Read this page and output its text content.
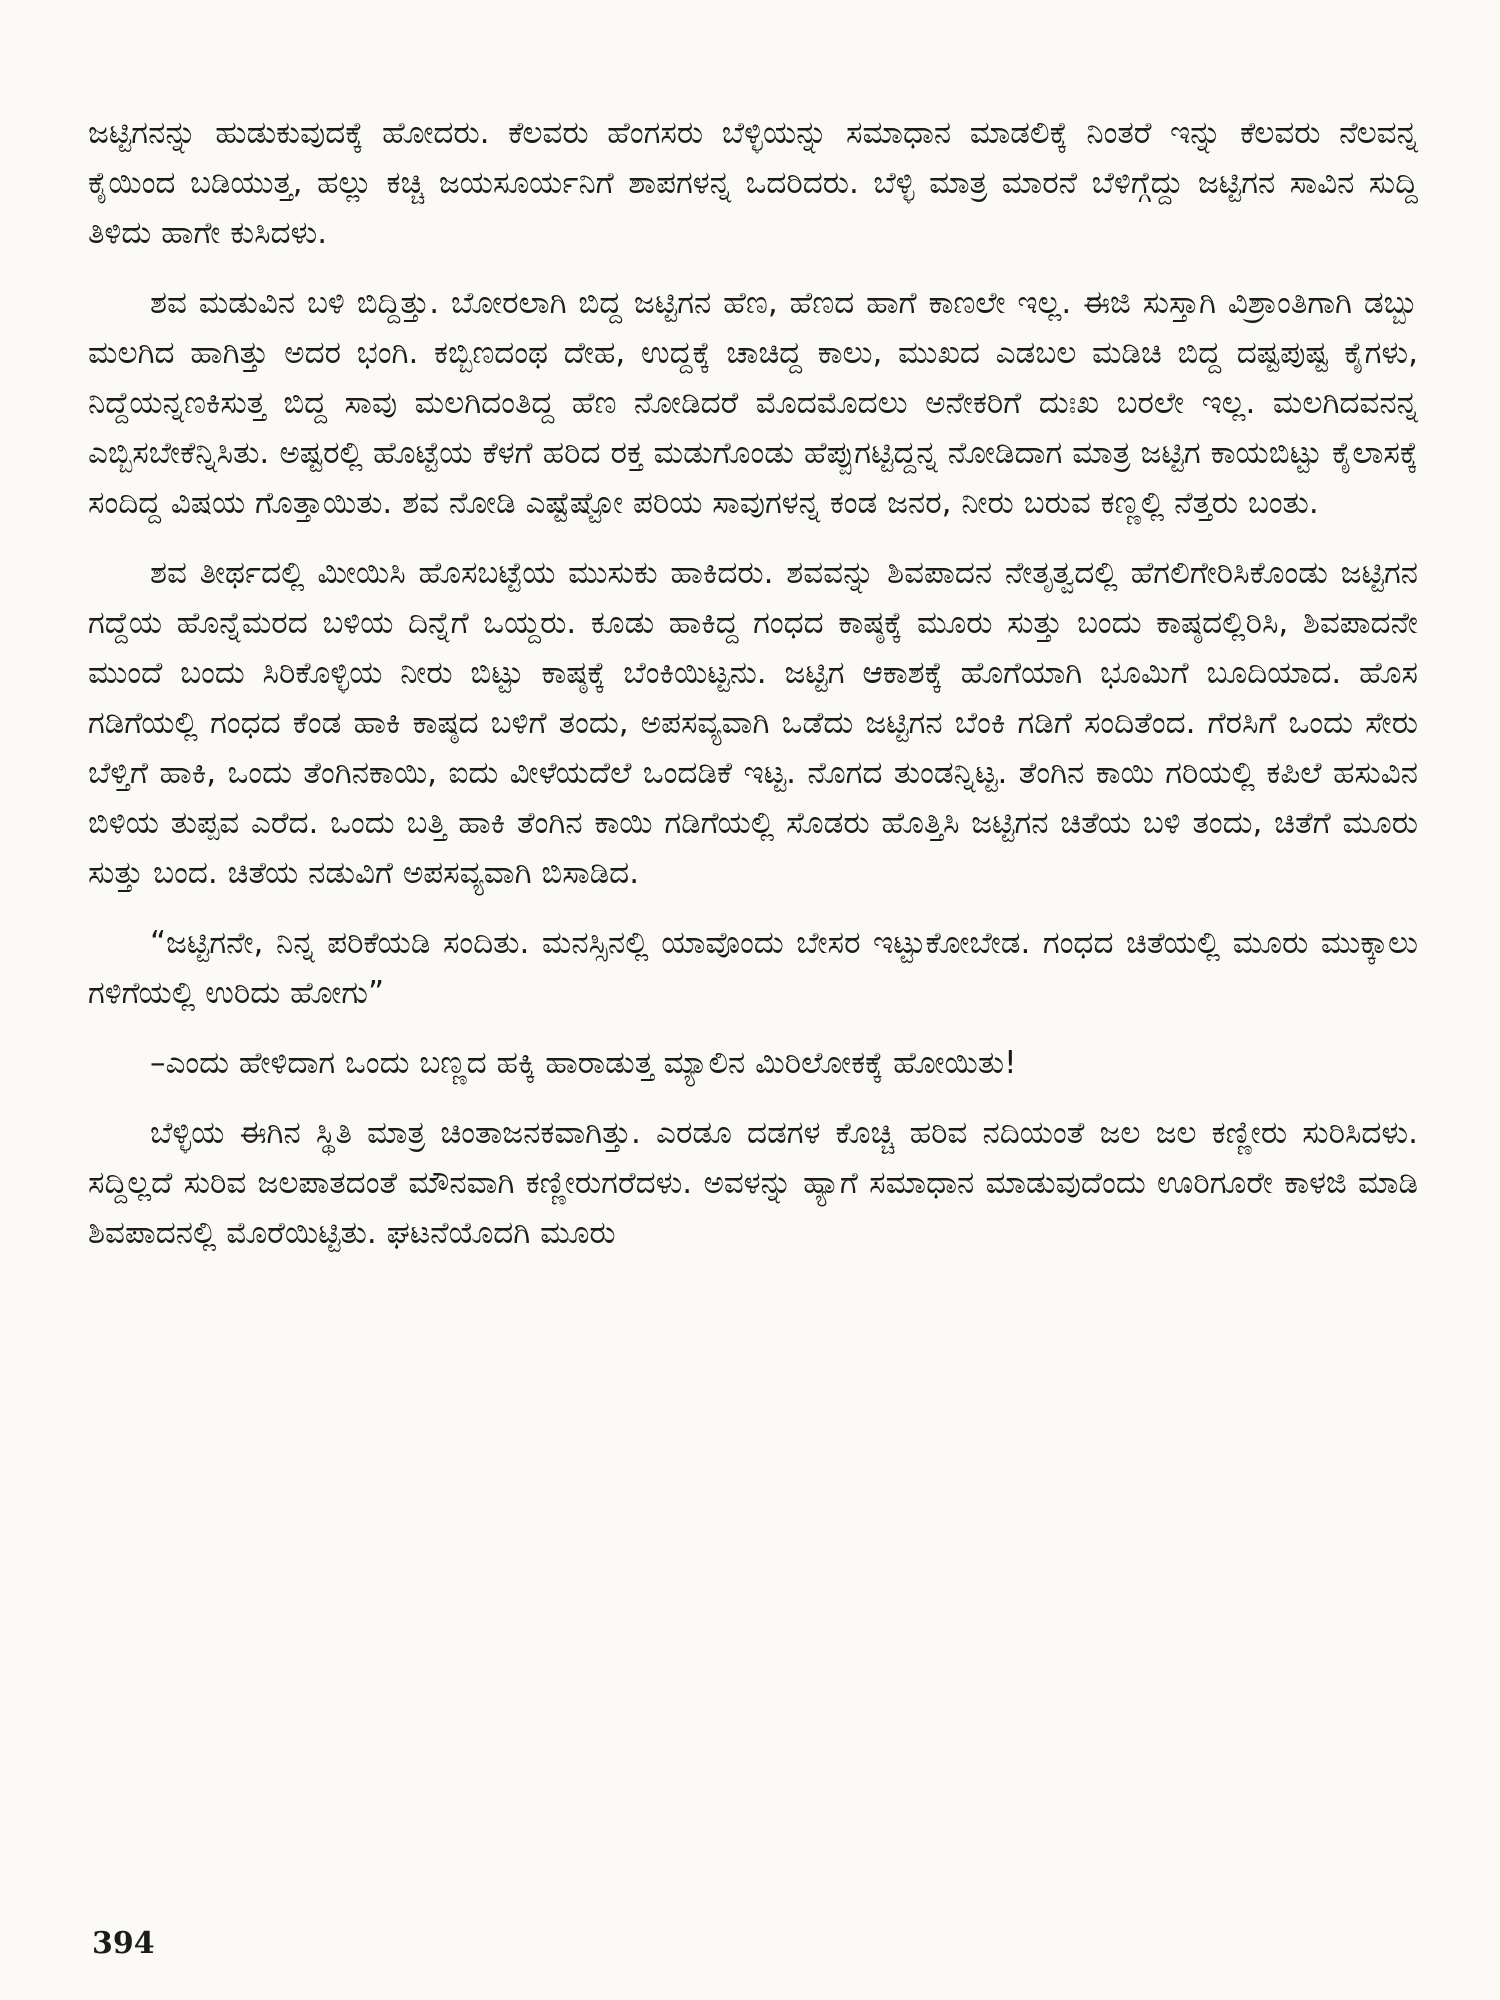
ಜಟ್ಟಿಗನನ್ನು ಹುಡುಕುವುದಕ್ಕೆ ಹೋದರು. ಕೆಲವರು ಹೆಂಗಸರು ಬೆಳ್ಳಿಯನ್ನು ಸಮಾಧಾನ ಮಾಡಲಿಕ್ಕೆ ನಿಂತರೆ ಇನ್ನು ಕೆಲವರು ನೆಲವನ್ನ ಕೈಯಿಂದ ಬಡಿಯುತ್ತ, ಹಲ್ಲು ಕಚ್ಚಿ ಜಯಸೂರ್ಯನಿಗೆ ಶಾಪಗಳನ್ನ ಒದರಿದರು. ಬೆಳ್ಳಿ ಮಾತ್ರ ಮಾರನೆ ಬೆಳಿಗ್ಗೆದ್ದು ಜಟ್ಟಿಗನ ಸಾವಿನ ಸುದ್ದಿ ತಿಳಿದು ಹಾಗೇ ಕುಸಿದಳು.

ಶವ ಮಡುವಿನ ಬಳಿ ಬಿದ್ದಿತ್ತು. ಬೋರಲಾಗಿ ಬಿದ್ದ ಜಟ್ಟಿಗನ ಹೆಣ, ಹೆಣದ ಹಾಗೆ ಕಾಣಲೇ ಇಲ್ಲ. ಈಜಿ ಸುಸ್ತಾಗಿ ವಿಶ್ರಾಂತಿಗಾಗಿ ಡಬ್ಬು ಮಲಗಿದ ಹಾಗಿತ್ತು ಅದರ ಭಂಗಿ. ಕಬ್ಬಿಣದಂಥ ದೇಹ, ಉದ್ದಕ್ಕೆ ಚಾಚಿದ್ದ ಕಾಲು, ಮುಖದ ಎಡಬಲ ಮಡಿಚಿ ಬಿದ್ದ ದಷ್ಟಪುಷ್ಟ ಕೈಗಳು, ನಿದ್ದೆಯನ್ನಣಕಿಸುತ್ತ ಬಿದ್ದ ಸಾವು ಮಲಗಿದಂತಿದ್ದ ಹೆಣ ನೋಡಿದರೆ ಮೊದಮೊದಲು ಅನೇಕರಿಗೆ ದುಃಖ ಬರಲೇ ಇಲ್ಲ. ಮಲಗಿದವನನ್ನ ಎಬ್ಬಿಸಬೇಕೆನ್ನಿಸಿತು. ಅಷ್ಟರಲ್ಲಿ ಹೊಟ್ಟೆಯ ಕೆಳಗೆ ಹರಿದ ರಕ್ತ ಮಡುಗೊಂಡು ಹೆಪ್ಪುಗಟ್ಟಿದ್ದನ್ನ ನೋಡಿದಾಗ ಮಾತ್ರ ಜಟ್ಟಿಗ ಕಾಯಬಿಟ್ಟು ಕೈಲಾಸಕ್ಕೆ ಸಂದಿದ್ದ ವಿಷಯ ಗೊತ್ತಾಯಿತು. ಶವ ನೋಡಿ ಎಷ್ಟೆಷ್ಟೋ ಪರಿಯ ಸಾವುಗಳನ್ನ ಕಂಡ ಜನರ, ನೀರು ಬರುವ ಕಣ್ಣಲ್ಲಿ ನೆತ್ತರು ಬಂತು.

ಶವ ತೀರ್ಥದಲ್ಲಿ ಮೀಯಿಸಿ ಹೊಸಬಟ್ಟೆಯ ಮುಸುಕು ಹಾಕಿದರು. ಶವವನ್ನು ಶಿವಪಾದನ ನೇತೃತ್ವದಲ್ಲಿ ಹೆಗಲಿಗೇರಿಸಿಕೊಂಡು ಜಟ್ಟಿಗನ ಗದ್ದೆಯ ಹೊನ್ನೆಮರದ ಬಳಿಯ ದಿನ್ನೆಗೆ ಒಯ್ದರು. ಕೂಡು ಹಾಕಿದ್ದ ಗಂಧದ ಕಾಷ್ಠಕ್ಕೆ ಮೂರು ಸುತ್ತು ಬಂದು ಕಾಷ್ಠದಲ್ಲಿರಿಸಿ, ಶಿವಪಾದನೇ ಮುಂದೆ ಬಂದು ಸಿರಿಕೊಳ್ಳಿಯ ನೀರು ಬಿಟ್ಟು ಕಾಷ್ಠಕ್ಕೆ ಬೆಂಕಿಯಿಟ್ಟನು. ಜಟ್ಟಿಗ ಆಕಾಶಕ್ಕೆ ಹೊಗೆಯಾಗಿ ಭೂಮಿಗೆ ಬೂದಿಯಾದ. ಹೊಸ ಗಡಿಗೆಯಲ್ಲಿ ಗಂಧದ ಕೆಂಡ ಹಾಕಿ ಕಾಷ್ಠದ ಬಳಿಗೆ ತಂದು, ಅಪಸವ್ಯವಾಗಿ ಒಡೆದು ಜಟ್ಟಿಗನ ಬೆಂಕಿ ಗಡಿಗೆ ಸಂದಿತೆಂದ. ಗೆರಸಿಗೆ ಒಂದು ಸೇರು ಬೆಳ್ತಿಗೆ ಹಾಕಿ, ಒಂದು ತೆಂಗಿನಕಾಯಿ, ಐದು ವೀಳೆಯದೆಲೆ ಒಂದಡಿಕೆ ಇಟ್ಟ. ನೊಗದ ತುಂಡನ್ನಿಟ್ಟ. ತೆಂಗಿನ ಕಾಯಿ ಗರಿಯಲ್ಲಿ ಕಪಿಲೆ ಹಸುವಿನ ಬಿಳಿಯ ತುಪ್ಪವ ಎರೆದ. ಒಂದು ಬತ್ತಿ ಹಾಕಿ ತೆಂಗಿನ ಕಾಯಿ ಗಡಿಗೆಯಲ್ಲಿ ಸೊಡರು ಹೊತ್ತಿಸಿ ಜಟ್ಟಿಗನ ಚಿತೆಯ ಬಳಿ ತಂದು, ಚಿತೆಗೆ ಮೂರು ಸುತ್ತು ಬಂದ. ಚಿತೆಯ ನಡುವಿಗೆ ಅಪಸವ್ಯವಾಗಿ ಬಿಸಾಡಿದ.

“ಜಟ್ಟಿಗನೇ, ನಿನ್ನ ಪರಿಕೆಯಡಿ ಸಂದಿತು. ಮನಸ್ಸಿನಲ್ಲಿ ಯಾವೊಂದು ಬೇಸರ ಇಟ್ಟುಕೋಬೇಡ. ಗಂಧದ ಚಿತೆಯಲ್ಲಿ ಮೂರು ಮುಕ್ಕಾಲು ಗಳಿಗೆಯಲ್ಲಿ ಉರಿದು ಹೋಗು”

–ಎಂದು ಹೇಳಿದಾಗ ಒಂದು ಬಣ್ಣದ ಹಕ್ಕಿ ಹಾರಾಡುತ್ತ ಮ್ಯಾಲಿನ ಮಿರಿಲೋಕಕ್ಕೆ ಹೋಯಿತು!

ಬೆಳ್ಳಿಯ ಈಗಿನ ಸ್ಥಿತಿ ಮಾತ್ರ ಚಿಂತಾಜನಕವಾಗಿತ್ತು. ಎರಡೂ ದಡಗಳ ಕೊಚ್ಚಿ ಹರಿವ ನದಿಯಂತೆ ಜಲ ಜಲ ಕಣ್ಣೀರು ಸುರಿಸಿದಳು. ಸದ್ದಿಲ್ಲದೆ ಸುರಿವ ಜಲಪಾತದಂತೆ ಮೌನವಾಗಿ ಕಣ್ಣೀರುಗರೆದಳು. ಅವಳನ್ನು ಹ್ಯಾಗೆ ಸಮಾಧಾನ ಮಾಡುವುದೆಂದು ಊರಿಗೂರೇ ಕಾಳಜಿ ಮಾಡಿ ಶಿವಪಾದನಲ್ಲಿ ಮೊರೆಯಿಟ್ಟಿತು. ಘಟನೆಯೊದಗಿ ಮೂರು

394
